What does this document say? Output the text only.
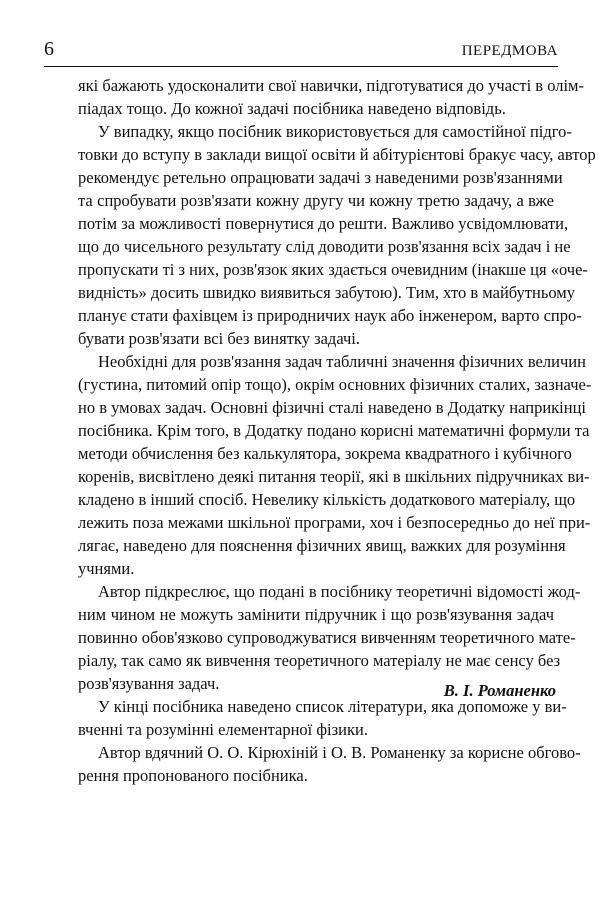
6	ПЕРЕДМОВА
які бажають удосконалити свої навички, підготуватися до участі в олім-
піадах тощо. До кожної задачі посібника наведено відповідь.
У випадку, якщо посібник використовується для самостійної підго-
товки до вступу в заклади вищої освіти й абітурієнтові бракує часу, автор
рекомендує ретельно опрацювати задачі з наведеними розв'язаннями
та спробувати розв'язати кожну другу чи кожну третю задачу, а вже
потім за можливості повернутися до решти. Важливо усвідомлювати,
що до чисельного результату слід доводити розв'язання всіх задач і не
пропускати ті з них, розв'язок яких здається очевидним (інакше ця «оче-
видність» досить швидко виявиться забутою). Тим, хто в майбутньому
планує стати фахівцем із природничих наук або інженером, варто спро-
бувати розв'язати всі без винятку задачі.
Необхідні для розв'язання задач табличні значення фізичних величин
(густина, питомий опір тощо), окрім основних фізичних сталих, зазначе-
но в умовах задач. Основні фізичні сталі наведено в Додатку наприкінці
посібника. Крім того, в Додатку подано корисні математичні формули та
методи обчислення без калькулятора, зокрема квадратного і кубічного
коренів, висвітлено деякі питання теорії, які в шкільних підручниках ви-
кладено в інший спосіб. Невелику кількість додаткового матеріалу, що
лежить поза межами шкільної програми, хоч і безпосередньо до неї при-
лягає, наведено для пояснення фізичних явищ, важких для розуміння
учнями.
Автор підкреслює, що подані в посібнику теоретичні відомості жод-
ним чином не можуть замінити підручник і що розв'язування задач
повинно обов'язково супроводжуватися вивченням теоретичного мате-
ріалу, так само як вивчення теоретичного матеріалу не має сенсу без
розв'язування задач.
У кінці посібника наведено список літератури, яка допоможе у ви-
вченні та розумінні елементарної фізики.
Автор вдячний О. О. Кірюхіній і О. В. Романенку за корисне обгово-
рення пропонованого посібника.
В. І. Романенко
